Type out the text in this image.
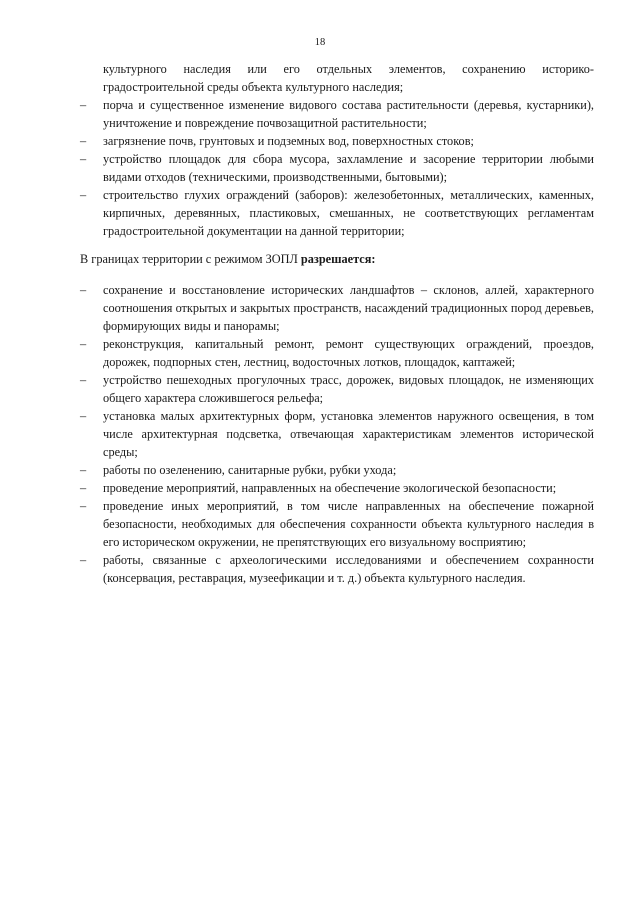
18
культурного наследия или его отдельных элементов, сохранению историко-градостроительной среды объекта культурного наследия;
– порча и существенное изменение видового состава растительности (деревья, кустарники), уничтожение и повреждение почвозащитной растительности;
– загрязнение почв, грунтовых и подземных вод, поверхностных стоков;
– устройство площадок для сбора мусора, захламление и засорение территории любыми видами отходов (техническими, производственными, бытовыми);
– строительство глухих ограждений (заборов): железобетонных, металлических, каменных, кирпичных, деревянных, пластиковых, смешанных, не соответствующих регламентам градостроительной документации на данной территории;
В границах территории с режимом ЗОПЛ разрешается:
– сохранение и восстановление исторических ландшафтов – склонов, аллей, характерного соотношения открытых и закрытых пространств, насаждений традиционных пород деревьев, формирующих виды и панорамы;
– реконструкция, капитальный ремонт, ремонт существующих ограждений, проездов, дорожек, подпорных стен, лестниц, водосточных лотков, площадок, каптажей;
– устройство пешеходных прогулочных трасс, дорожек, видовых площадок, не изменяющих общего характера сложившегося рельефа;
– установка малых архитектурных форм, установка элементов наружного освещения, в том числе архитектурная подсветка, отвечающая характеристикам элементов исторической среды;
– работы по озеленению, санитарные рубки, рубки ухода;
– проведение мероприятий, направленных на обеспечение экологической безопасности;
– проведение иных мероприятий, в том числе направленных на обеспечение пожарной безопасности, необходимых для обеспечения сохранности объекта культурного наследия в его историческом окружении, не препятствующих его визуальному восприятию;
– работы, связанные с археологическими исследованиями и обеспечением сохранности (консервация, реставрация, музеефикации и т. д.) объекта культурного наследия.
